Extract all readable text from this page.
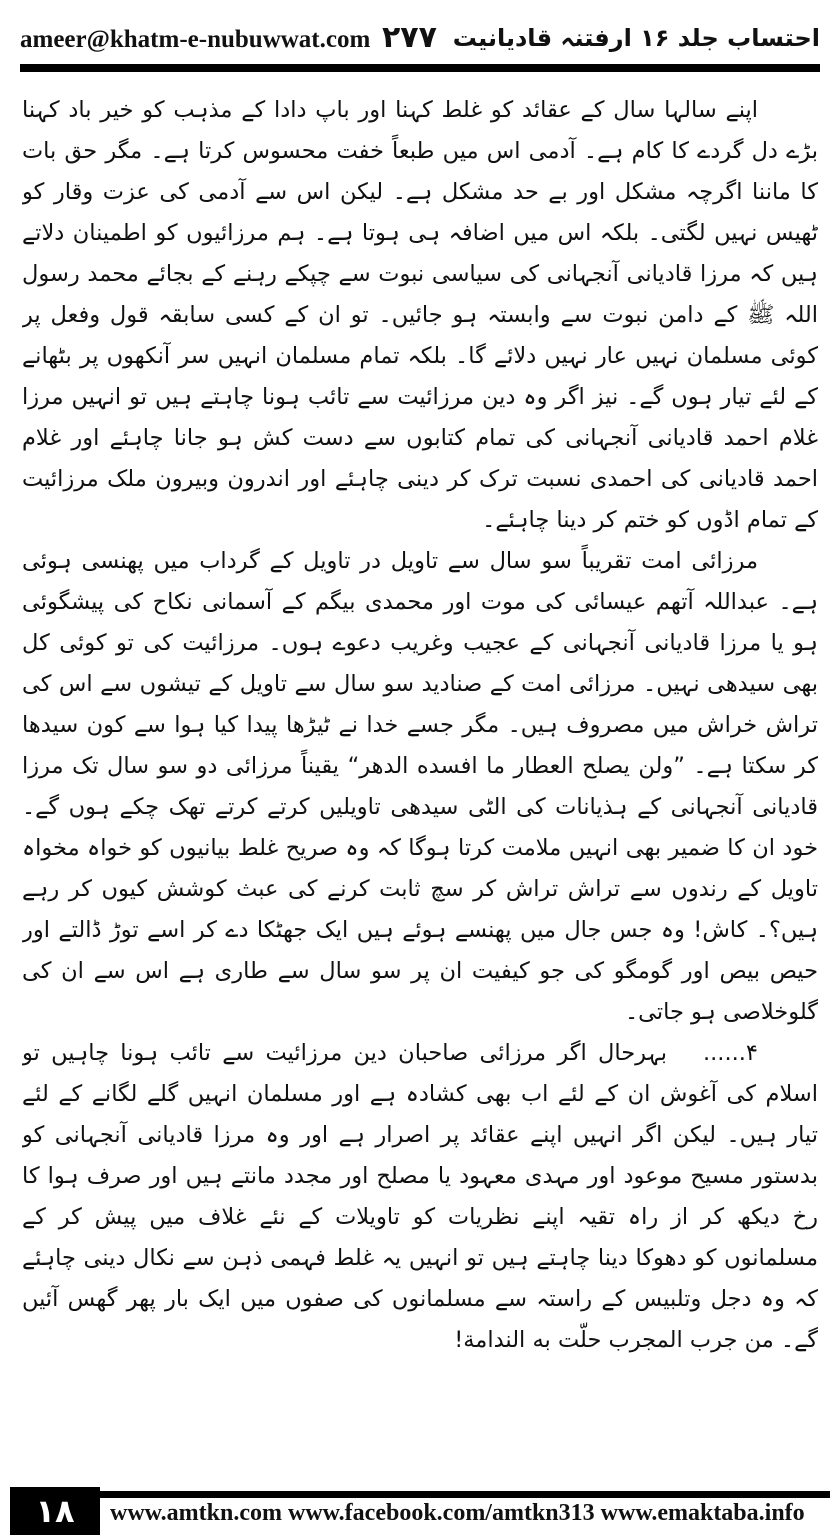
ameer@khatm-e-nubuwwat.com ۲۷۷ احتساب جلد ۱۶ ارفتنہ قادیانیت

اپنے سالہا سال کے عقائد کو غلط کہنا اور باپ دادا کے مذہب کو خیر باد کہنا بڑے دل گردے کا کام ہے۔ آدمی اس میں طبعاً خفت محسوس کرتا ہے۔ مگر حق بات کا ماننا اگرچہ مشکل اور بے حد مشکل ہے۔ لیکن اس سے آدمی کی عزت وقار کو ٹھیس نہیں لگتی۔ بلکہ اس میں اضافہ ہی ہوتا ہے۔ ہم مرزائیوں کو اطمینان دلاتے ہیں کہ مرزا قادیانی آنجہانی کی سیاسی نبوت سے چپکے رہنے کے بجائے محمد رسول اللہ ﷺ کے دامن نبوت سے وابستہ ہو جائیں۔ تو ان کے کسی سابقہ قول وفعل پر کوئی مسلمان نہیں عار نہیں دلائے گا۔ بلکہ تمام مسلمان انہیں سر آنکھوں پر بٹھانے کے لئے تیار ہوں گے۔ نیز اگر وہ دین مرزائیت سے تائب ہونا چاہتے ہیں تو انہیں مرزا غلام احمد قادیانی آنجہانی کی تمام کتابوں سے دست کش ہو جانا چاہئے اور غلام احمد قادیانی کی احمدی نسبت ترک کر دینی چاہئے اور اندرون وبیرون ملک مرزائیت کے تمام اڈوں کو ختم کر دینا چاہئے۔

مرزائی امت تقریباً سو سال سے تاویل در تاویل کے گرداب میں پھنسی ہوئی ہے۔ عبداللہ آتھم عیسائی کی موت اور محمدی بیگم کے آسمانی نکاح کی پیشگوئی ہو یا مرزا قادیانی آنجہانی کے عجیب وغریب دعوے ہوں۔ مرزائیت کی تو کوئی کل بھی سیدھی نہیں۔ مرزائی امت کے صنادید سو سال سے تاویل کے تیشوں سے اس کی تراش خراش میں مصروف ہیں۔ مگر جسے خدا نے ٹیڑھا پیدا کیا ہوا سے کون سیدھا کر سکتا ہے۔ ”ولن یصلح العطار ما افسده الدهر“ یقیناً مرزائی دو سو سال تک مرزا قادیانی آنجہانی کے ہذیانات کی الٹی سیدھی تاویلیں کرتے کرتے تھک چکے ہوں گے۔ خود ان کا ضمیر بھی انہیں ملامت کرتا ہوگا کہ وہ صریح غلط بیانیوں کو خواہ مخواہ تاویل کے رندوں سے تراش تراش کر سچ ثابت کرنے کی عبث کوشش کیوں کر رہے ہیں؟۔ کاش! وہ جس جال میں پھنسے ہوئے ہیں ایک جھٹکا دے کر اسے توڑ ڈالتے اور حیص بیص اور گومگو کی جو کیفیت ان پر سو سال سے طاری ہے اس سے ان کی گلوخلاصی ہو جاتی۔

۴......بہرحال اگر مرزائی صاحبان دین مرزائیت سے تائب ہونا چاہیں تو اسلام کی آغوش ان کے لئے اب بھی کشادہ ہے اور مسلمان انہیں گلے لگانے کے لئے تیار ہیں۔ لیکن اگر انہیں اپنے عقائد پر اصرار ہے اور وہ مرزا قادیانی آنجہانی کو بدستور مسیح موعود اور مہدی معہود یا مصلح اور مجدد مانتے ہیں اور صرف ہوا کا رخ دیکھ کر از راہ تقیہ اپنے نظریات کو تاویلات کے نئے غلاف میں پیش کر کے مسلمانوں کو دھوکا دینا چاہتے ہیں تو انہیں یہ غلط فہمی ذہن سے نکال دینی چاہئے کہ وہ دجل وتلبیس کے راستہ سے مسلمانوں کی صفوں میں ایک بار پھر گھس آئیں گے۔ من جرب المجرب حلّت به الندامة!

۱۸	www.amtkn.com www.facebook.com/amtkn313 www.emaktaba.info
